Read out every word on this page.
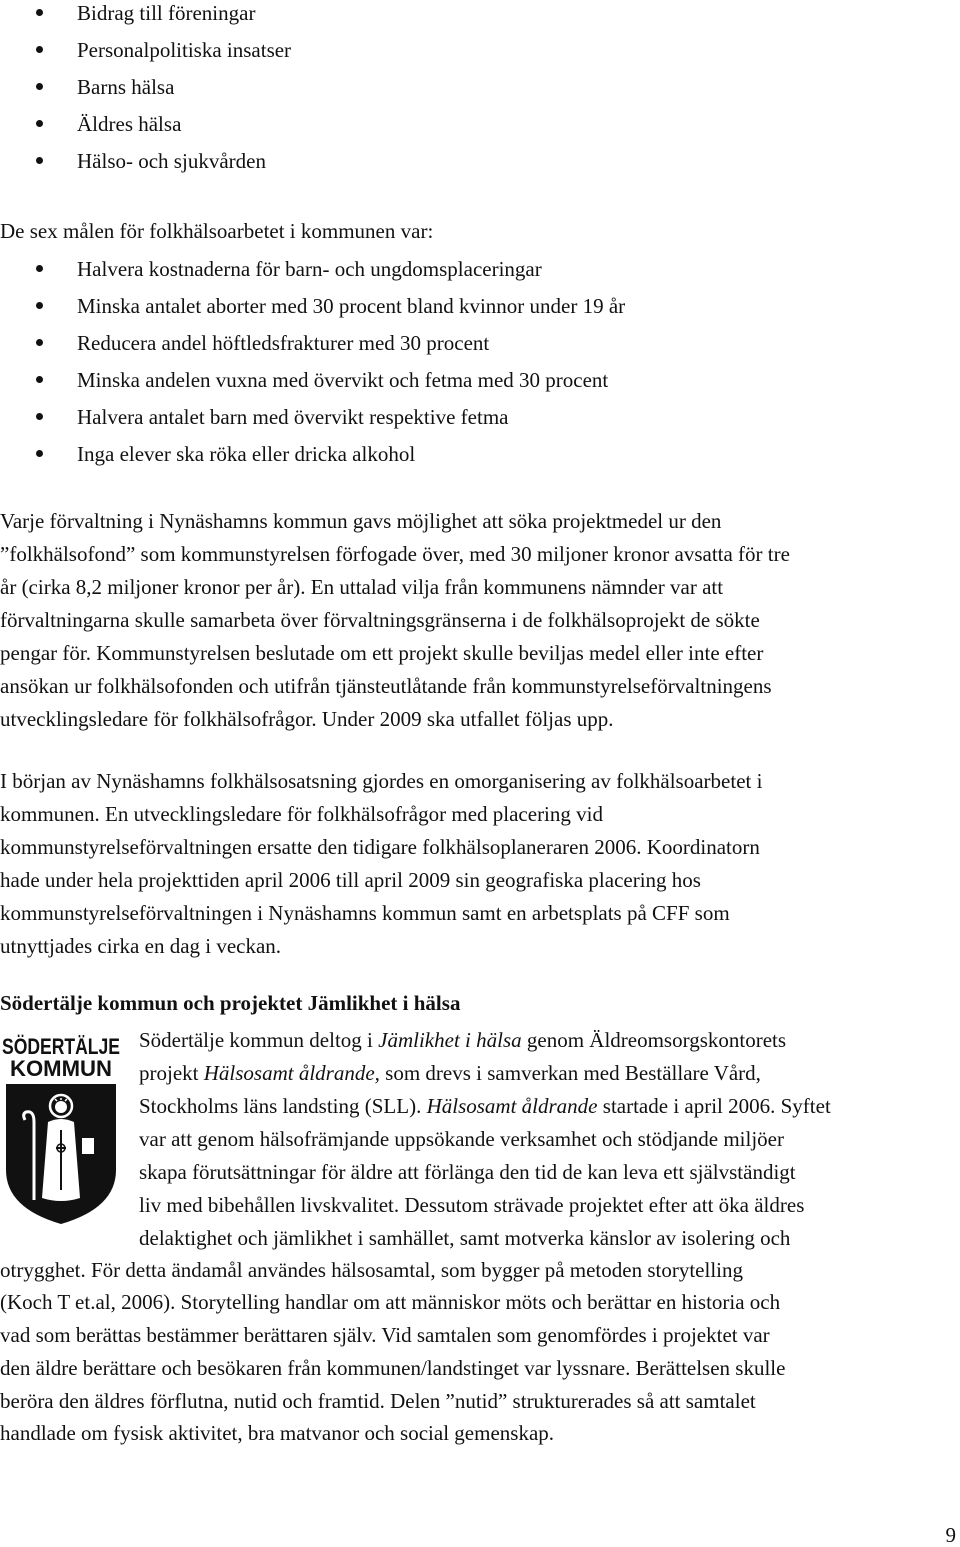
Bidrag till föreningar
Personalpolitiska insatser
Barns hälsa
Äldres hälsa
Hälso- och sjukvården
De sex målen för folkhälsoarbetet i kommunen var:
Halvera kostnaderna för barn- och ungdomsplaceringar
Minska antalet aborter med 30 procent bland kvinnor under 19 år
Reducera andel höftledsfrakturer med 30 procent
Minska andelen vuxna med övervikt och fetma med 30 procent
Halvera antalet barn med övervikt respektive fetma
Inga elever ska röka eller dricka alkohol
Varje förvaltning i Nynäshamns kommun gavs möjlighet att söka projektmedel ur den
”folkhälsofond” som kommunstyrelsen förfogade över, med 30 miljoner kronor avsatta för tre
år (cirka 8,2 miljoner kronor per år). En uttalad vilja från kommunens nämnder var att
förvaltningarna skulle samarbeta över förvaltningsgränserna i de folkhälsoprojekt de sökte
pengar för. Kommunstyrelsen beslutade om ett projekt skulle beviljas medel eller inte efter
ansökan ur folkhälsofonden och utifrån tjänsteutlåtande från kommunstyrelseförvaltningens
utvecklingsledare för folkhälsofrågor. Under 2009 ska utfallet följas upp.
I början av Nynäshamns folkhälsosatsning gjordes en omorganisering av folkhälsoarbetet i
kommunen. En utvecklingsledare för folkhälsofrågor med placering vid
kommunstyrelseförvaltningen ersatte den tidigare folkhälsoplaneraren 2006. Koordinatorn
hade under hela projekttiden april 2006 till april 2009 sin geografiska placering hos
kommunstyrelseförvaltningen i Nynäshamns kommun samt en arbetsplats på CFF som
utnyttjades cirka en dag i veckan.
Södertälje kommun och projektet Jämlikhet i hälsa
SÖDERTÄLJE
KOMMUN
Södertälje kommun deltog i Jämlikhet i hälsa genom Äldreomsorgskontorets
projekt Hälsosamt åldrande, som drevs i samverkan med Beställare Vård,
Stockholms läns landsting (SLL). Hälsosamt åldrande startade i april 2006. Syftet
var att genom hälsofrämjande uppsökande verksamhet och stödjande miljöer
skapa förutsättningar för äldre att förlänga den tid de kan leva ett självständigt
liv med bibehållen livskvalitet. Dessutom strävade projektet efter att öka äldres
delaktighet och jämlikhet i samhället, samt motverka känslor av isolering och
otrygghet. För detta ändamål användes hälsosamtal, som bygger på metoden storytelling
(Koch T et.al, 2006). Storytelling handlar om att människor möts och berättar en historia och
vad som berättas bestämmer berättaren själv. Vid samtalen som genomfördes i projektet var
den äldre berättare och besökaren från kommunen/landstinget var lyssnare. Berättelsen skulle
beröra den äldres förflutna, nutid och framtid. Delen ”nutid” strukturerades så att samtalet
handlade om fysisk aktivitet, bra matvanor och social gemenskap.
9
